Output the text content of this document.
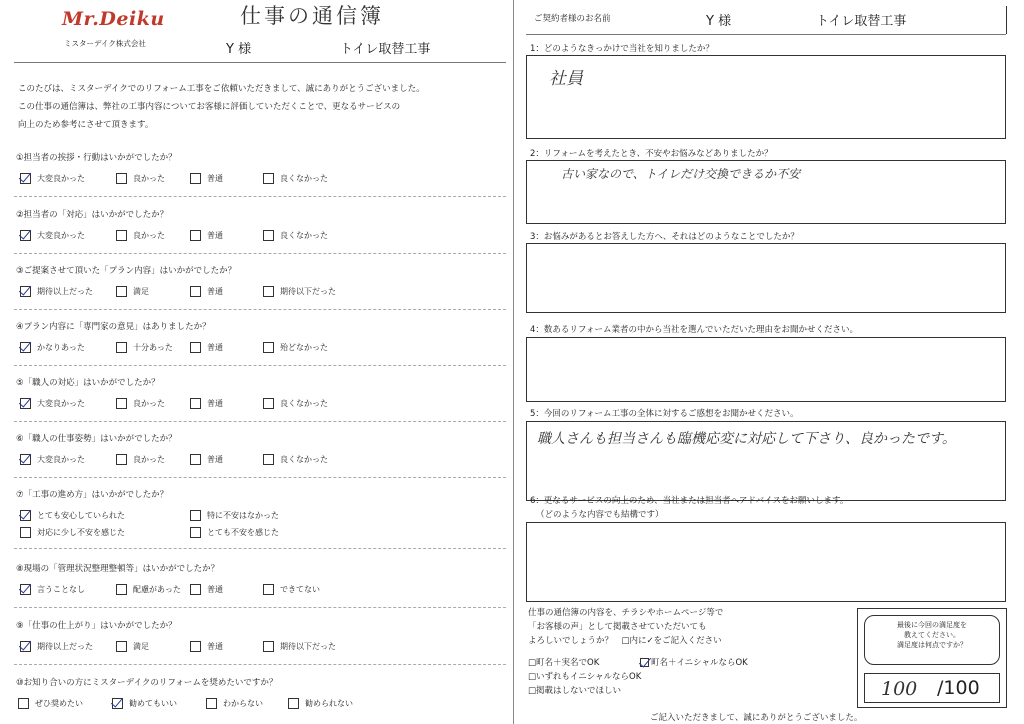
Mr.Deiku
ミスターデイク株式会社
仕事の通信簿
Y 様	トイレ取替工事
このたびは、ミスターデイクでのリフォーム工事をご依頼いただきまして、誠にありがとうございました。
この仕事の通信簿は、弊社の工事内容についてお客様に評価していただくことで、更なるサービスの
向上のため参考にさせて頂きます。
①担当者の挨拶・行動はいかがでしたか？
大変良かった	良かった	普通	良くなかった
②担当者の「対応」はいかがでしたか？
大変良かった	良かった	普通	良くなかった
③ご提案させて頂いた「プラン内容」はいかがでしたか？
期待以上だった	満足	普通	期待以下だった
④プラン内容に「専門家の意見」はありましたか？
かなりあった	十分あった	普通	殆どなかった
⑤「職人の対応」はいかがでしたか？
大変良かった	良かった	普通	良くなかった
⑥「職人の仕事姿勢」はいかがでしたか？
大変良かった	良かった	普通	良くなかった
⑦「工事の進め方」はいかがでしたか？
とても安心していられた	特に不安はなかった
対応に少し不安を感じた	とても不安を感じた
⑧現場の「管理状況整理整頓等」はいかがでしたか？
言うことなし	配慮があった	普通	できてない
⑨「仕事の仕上がり」はいかがでしたか？
期待以上だった	満足	普通	期待以下だった
⑩お知り合いの方にミスターデイクのリフォームを奨めたいですか？
ぜひ奨めたい	勧めてもいい	わからない	勧められない
ご契約者様のお名前	Y 様	トイレ取替工事
1：どのようなきっかけで当社を知りましたか？
社員
2：リフォームを考えたとき、不安やお悩みなどありましたか？
古い家なので、トイレだけ交換できるか不安
3：お悩みがあるとお答えした方へ、それはどのようなことでしたか？
4：数あるリフォーム業者の中から当社を選んでいただいた理由をお聞かせください。
5：今回のリフォーム工事の全体に対するご感想をお聞かせください。
職人さんも担当さんも臨機応変に対応して下さり、良かったです。
6：更なるサービスの向上のため、当社または担当者へアドバイスをお願いします。
（どのような内容でも結構です）
仕事の通信簿の内容を、チラシやホームページ等で
「お客様の声」として掲載させていただいても
よろしいでしょうか？　□内に✓をご記入ください
□町名＋実名でOK	町名＋イニシャルならOK
□いずれもイニシャルならOK
□掲載はしないでほしい
最後に今回の満足度を
教えてください。
満足度は何点ですか？
100 /100
ご記入いただきまして、誠にありがとうございました。
